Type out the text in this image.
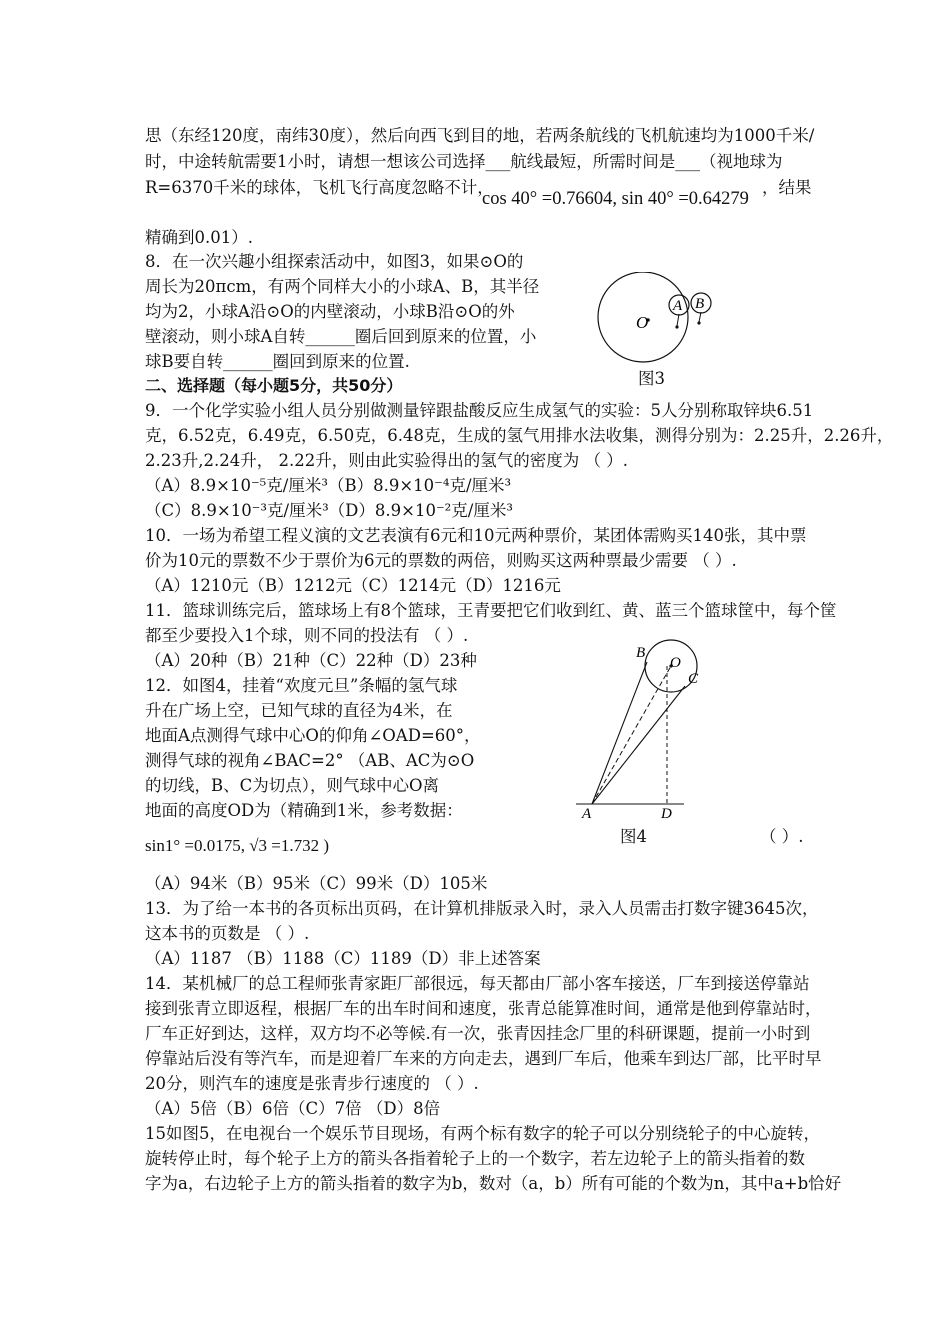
思（东经120度，南纬30度），然后向西飞到目的地，若两条航线的飞机航速均为1000千米/
时，中途转航需要1小时，请想一想该公司选择___航线最短，所需时间是___（视地球为
R=6370千米的球体，飞机飞行高度忽略不计，
cos 40° =0.76604, sin 40° =0.64279
，结果
精确到0.01）.
8．在一次兴趣小组探索活动中，如图3，如果⊙O的
周长为20πcm，有两个同样大小的小球A、B，其半径
均为2，小球A沿⊙O的内壁滚动，小球B沿⊙O的外
壁滚动，则小球A自转______圈后回到原来的位置，小
球B要自转______圈回到原来的位置.
O
A B
图3
二、选择题（每小题5分，共50分）
9．一个化学实验小组人员分别做测量锌跟盐酸反应生成氢气的实验：5人分别称取锌块6.51
克，6.52克，6.49克，6.50克，6.48克，生成的氢气用排水法收集，测得分别为：2.25升，2.26升，
2.23升,2.24升， 2.22升，则由此实验得出的氢气的密度为 （ ）.
（A）8.9×10⁻⁵克/厘米³（B）8.9×10⁻⁴克/厘米³
（C）8.9×10⁻³克/厘米³（D）8.9×10⁻²克/厘米³
10．一场为希望工程义演的文艺表演有6元和10元两种票价，某团体需购买140张，其中票
价为10元的票数不少于票价为6元的票数的两倍，则购买这两种票最少需要 （ ）.
（A）1210元（B）1212元（C）1214元（D）1216元
11．篮球训练完后，篮球场上有8个篮球，王青要把它们收到红、黄、蓝三个篮球筐中，每个筐
都至少要投入1个球，则不同的投法有 （ ）.
（A）20种（B）21种（C）22种（D）23种
12．如图4，挂着“欢度元旦”条幅的氢气球
升在广场上空，已知气球的直径为4米，在
地面A点测得气球中心O的仰角∠OAD=60°，
测得气球的视角∠BAC=2° （AB、AC为⊙O
的切线，B、C为切点），则气球中心O离
地面的高度OD为（精确到1米，参考数据：
sin1° =0.0175, √3 =1.732 )
B
O
C
A	D
图4	（ ）.
（A）94米（B）95米（C）99米（D）105米
13．为了给一本书的各页标出页码，在计算机排版录入时，录入人员需击打数字键3645次，
这本书的页数是 （ ）.
（A）1187 （B）1188（C）1189（D）非上述答案
14．某机械厂的总工程师张青家距厂部很远，每天都由厂部小客车接送，厂车到接送停靠站
接到张青立即返程，根据厂车的出车时间和速度，张青总能算准时间，通常是他到停靠站时，
厂车正好到达，这样，双方均不必等候.有一次，张青因挂念厂里的科研课题，提前一小时到
停靠站后没有等汽车，而是迎着厂车来的方向走去，遇到厂车后，他乘车到达厂部，比平时早
20分，则汽车的速度是张青步行速度的 （ ）.
（A）5倍（B）6倍（C）7倍 （D）8倍
15如图5，在电视台一个娱乐节目现场，有两个标有数字的轮子可以分别绕轮子的中心旋转，
旋转停止时，每个轮子上方的箭头各指着轮子上的一个数字，若左边轮子上的箭头指着的数
字为a，右边轮子上方的箭头指着的数字为b，数对（a，b）所有可能的个数为n，其中a+b恰好
